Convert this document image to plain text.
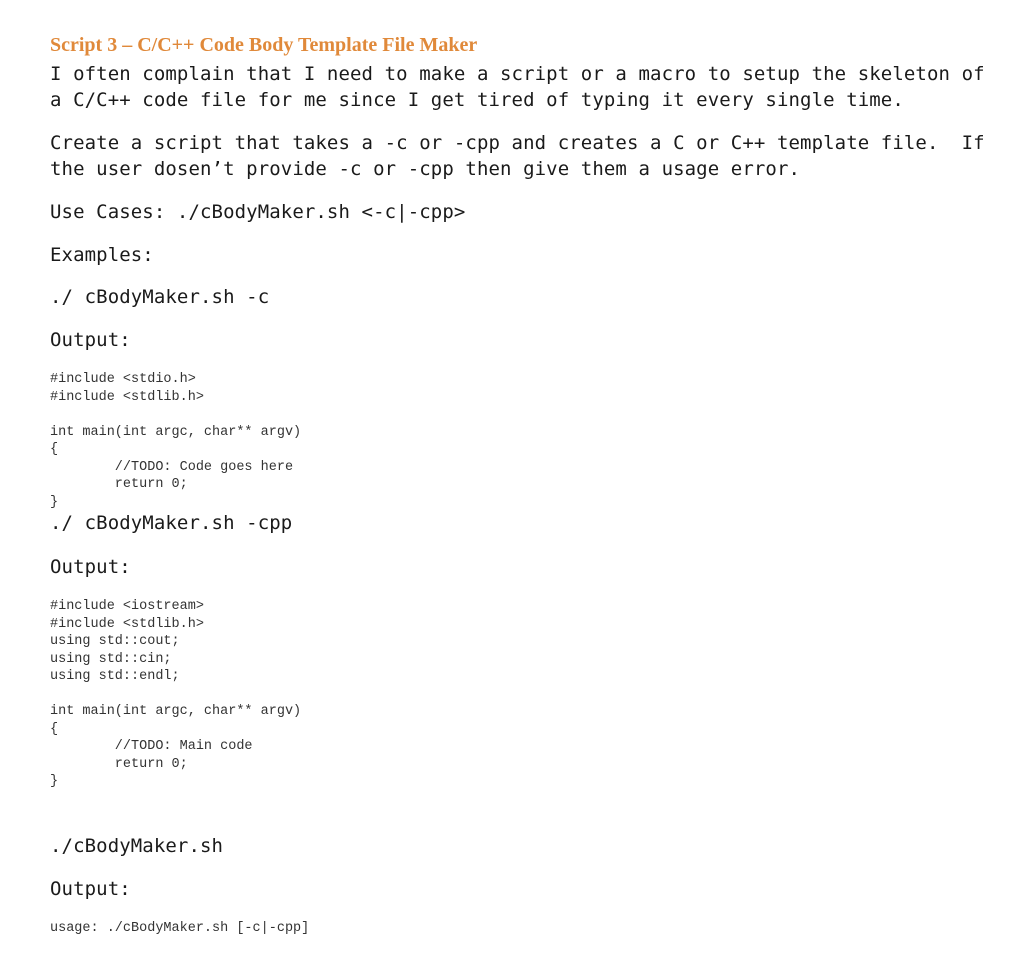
Script 3 – C/C++ Code Body Template File Maker
I often complain that I need to make a script or a macro to setup the skeleton of a C/C++ code file for me since I get tired of typing it every single time.
Create a script that takes a -c or -cpp and creates a C or C++ template file.  If the user dosen’t provide -c or -cpp then give them a usage error.
Use Cases: ./cBodyMaker.sh <-c|-cpp>
Examples:
./ cBodyMaker.sh -c
Output:
#include <stdio.h>
#include <stdlib.h>

int main(int argc, char** argv)
{
//TODO: Code goes here
return 0;
}
./ cBodyMaker.sh -cpp
Output:
#include <iostream>
#include <stdlib.h>
using std::cout;
using std::cin;
using std::endl;

int main(int argc, char** argv)
{
//TODO: Main code
return 0;
}
./cBodyMaker.sh
Output:
usage: ./cBodyMaker.sh [-c|-cpp]
